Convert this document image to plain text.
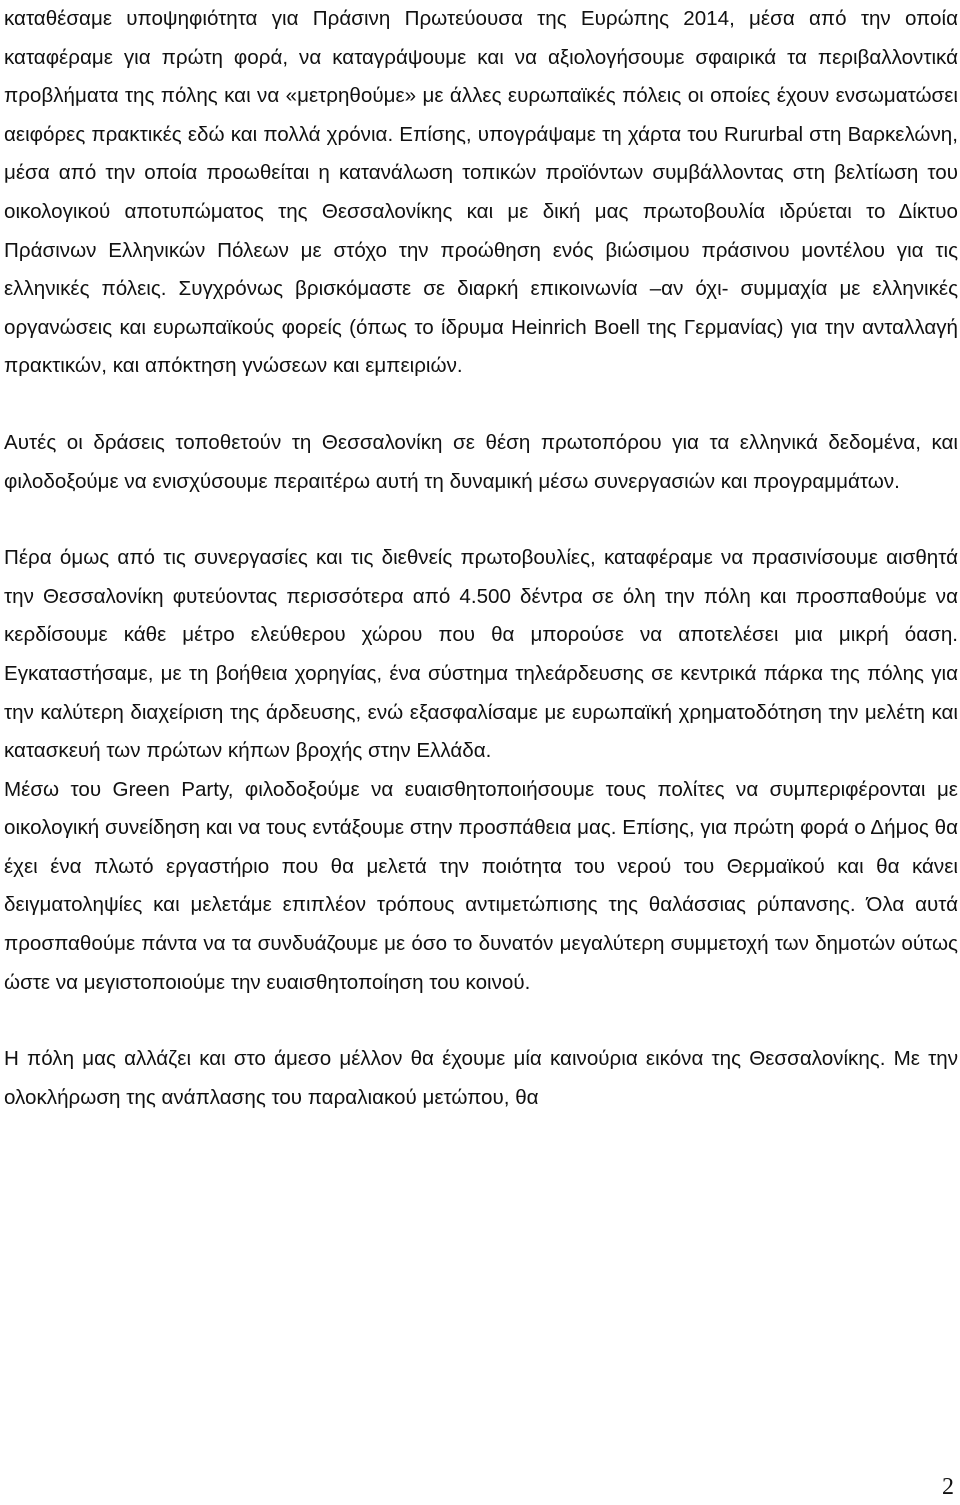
καταθέσαμε υποψηφιότητα για Πράσινη Πρωτεύουσα της Ευρώπης 2014, μέσα από την οποία καταφέραμε για πρώτη φορά, να καταγράψουμε και να αξιολογήσουμε σφαιρικά τα περιβαλλοντικά προβλήματα της πόλης και να «μετρηθούμε» με άλλες ευρωπαϊκές πόλεις οι οποίες έχουν ενσωματώσει αειφόρες πρακτικές εδώ και πολλά χρόνια. Επίσης, υπογράψαμε τη χάρτα του Rururbal στη Βαρκελώνη, μέσα από την οποία προωθείται η κατανάλωση τοπικών προϊόντων συμβάλλοντας στη βελτίωση του οικολογικού αποτυπώματος της Θεσσαλονίκης και με δική μας πρωτοβουλία ιδρύεται το Δίκτυο Πράσινων Ελληνικών Πόλεων με στόχο την προώθηση ενός βιώσιμου πράσινου μοντέλου για τις ελληνικές πόλεις. Συγχρόνως βρισκόμαστε σε διαρκή επικοινωνία –αν όχι- συμμαχία με ελληνικές οργανώσεις και ευρωπαϊκούς φορείς (όπως το ίδρυμα Heinrich Boell της Γερμανίας) για την ανταλλαγή πρακτικών, και απόκτηση γνώσεων και εμπειριών.

Αυτές οι δράσεις τοποθετούν τη Θεσσαλονίκη σε θέση πρωτοπόρου για τα ελληνικά δεδομένα, και φιλοδοξούμε να ενισχύσουμε περαιτέρω αυτή τη δυναμική μέσω συνεργασιών και προγραμμάτων.

Πέρα όμως από τις συνεργασίες και τις διεθνείς πρωτοβουλίες, καταφέραμε να πρασινίσουμε αισθητά την Θεσσαλονίκη φυτεύοντας περισσότερα από 4.500 δέντρα σε όλη την πόλη και προσπαθούμε να κερδίσουμε κάθε μέτρο ελεύθερου χώρου που θα μπορούσε να αποτελέσει μια μικρή όαση. Εγκαταστήσαμε, με τη βοήθεια χορηγίας, ένα σύστημα τηλεάρδευσης σε κεντρικά πάρκα της πόλης για την καλύτερη διαχείριση της άρδευσης, ενώ εξασφαλίσαμε με ευρωπαϊκή χρηματοδότηση την μελέτη και κατασκευή των πρώτων κήπων βροχής στην Ελλάδα.

Μέσω του Green Party, φιλοδοξούμε να ευαισθητοποιήσουμε τους πολίτες να συμπεριφέρονται με οικολογική συνείδηση και να τους εντάξουμε στην προσπάθεια μας. Επίσης, για πρώτη φορά ο Δήμος θα έχει ένα πλωτό εργαστήριο που θα μελετά την ποιότητα του νερού του Θερμαϊκού και θα κάνει δειγματοληψίες και μελετάμε επιπλέον τρόπους αντιμετώπισης της θαλάσσιας ρύπανσης. Όλα αυτά προσπαθούμε πάντα να τα συνδυάζουμε με όσο το δυνατόν μεγαλύτερη συμμετοχή των δημοτών ούτως ώστε να μεγιστοποιούμε την ευαισθητοποίηση του κοινού.

Η πόλη μας αλλάζει και στο άμεσο μέλλον θα έχουμε μία καινούρια εικόνα της Θεσσαλονίκης. Με την ολοκλήρωση της ανάπλασης του παραλιακού μετώπου, θα

2
